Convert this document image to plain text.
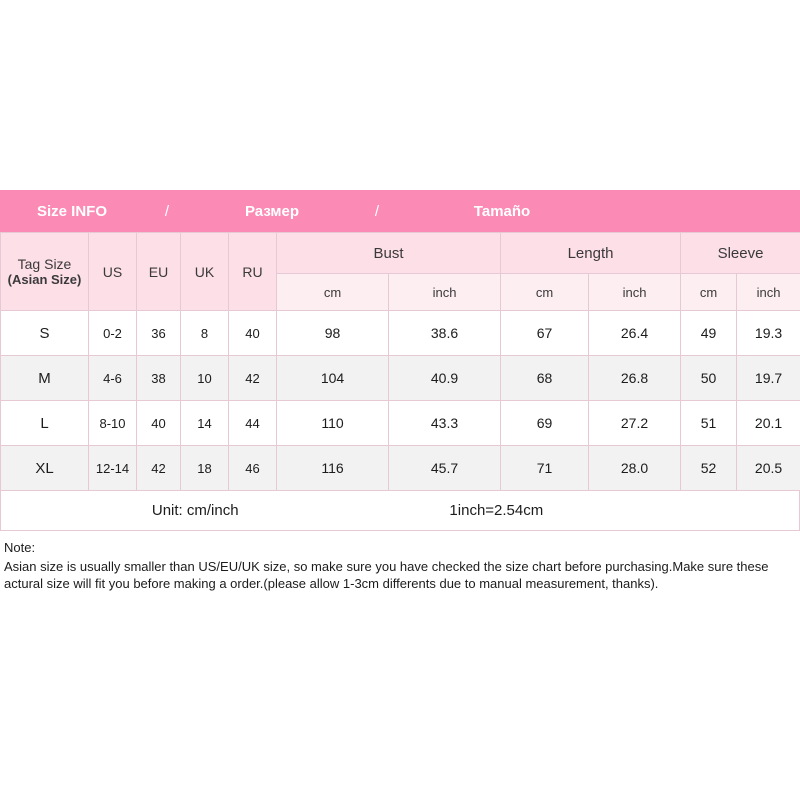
Size INFO	/	Размер	/	Tamaño
Tag Size
(Asian Size)	US	EU	UK	RU	Bust		Length		Sleeve	
					cm	inch	cm	inch	cm	inch
S	0-2	36	8	40	98	38.6	67	26.4	49	19.3
M	4-6	38	10	42	104	40.9	68	26.8	50	19.7
L	8-10	40	14	44	110	43.3	69	27.2	51	20.1
XL	12-14	42	18	46	116	45.7	71	28.0	52	20.5
Unit: cm/inch	1inch=2.54cm
Note:
Asian size is usually smaller than US/EU/UK size, so make sure you have checked the size chart before purchasing.Make sure these actural size will fit you before making a order.(please allow 1-3cm differents due to manual measurement, thanks).
